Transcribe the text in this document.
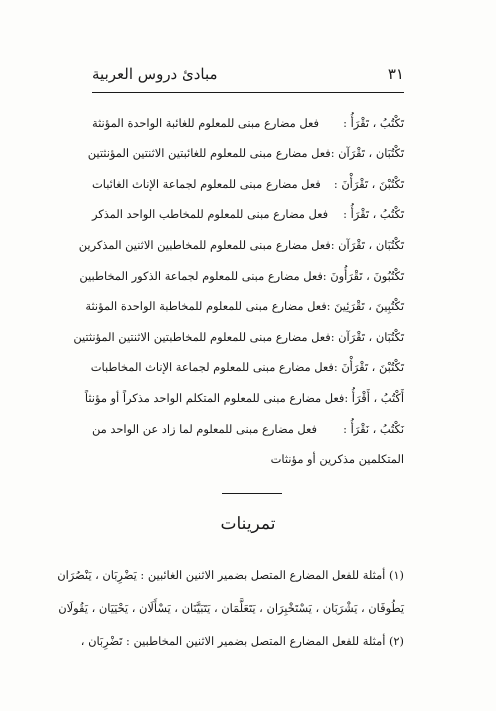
٣١
مبادئ دروس العربية
تَكْتُبُ ، تَقْرَأُ :
فعل مضارع مبنى للمعلوم للغائبة الواحدة المؤنثة
تَكْتُبَان ، تَقْرَآن :
فعل مضارع مبنى للمعلوم للغائبتين الاثنتين المؤنثتين
تَكْتُبْنَ ، تَقْرَأْنَ :
فعل مضارع مبنى للمعلوم لجماعة الإناث الغائبات
تَكْتُبُ ، تَقْرَأُ :
فعل مضارع مبنى للمعلوم للمخاطب الواحد المذكر
تَكْتُبَان ، تَقْرَآن :
فعل مضارع مبنى للمعلوم للمخاطبين الاثنين المذكرين
تَكْتُبُونَ ، تَقْرَأُونَ :
فعل مضارع مبنى للمعلوم لجماعة الذكور المخاطبين
تَكْتُبِينَ ، تَقْرَئِينَ :
فعل مضارع مبنى للمعلوم للمخاطبة الواحدة المؤنثة
تَكْتُبَان ، تَقْرَآن :
فعل مضارع مبنى للمعلوم للمخاطبتين الاثنتين المؤنثتين
تَكْتُبْنَ ، تَقْرَأْنَ :
فعل مضارع مبنى للمعلوم لجماعة الإناث المخاطبات
أَكْتُبُ ، أَقْرَأُ :
فعل مضارع مبنى للمعلوم المتكلم الواحد مذكراً أو مؤنثاً
نَكْتُبُ ، نَقْرَأُ :
فعل مضارع مبنى للمعلوم لما زاد عن الواحد من
المتكلمين مذكرين أو مؤنثات
تمرينات
(١) أمثلة للفعل المضارع المتصل بضمير الاثنين الغائبين : يَضْرِبَان ، يَنْصُرَان
يَطُوفَان ، يَشْرَبَان ، يَسْتَخْبِرَان ، يَتَعَلَّمَان ، يَتَبَيَّنَان ، يَسْأَلَان ، يَحْيَيَان ، يَقُولَان
(٢) أمثلة للفعل المضارع المتصل بضمير الاثنين المخاطبين : تَضْرِبَان ،
